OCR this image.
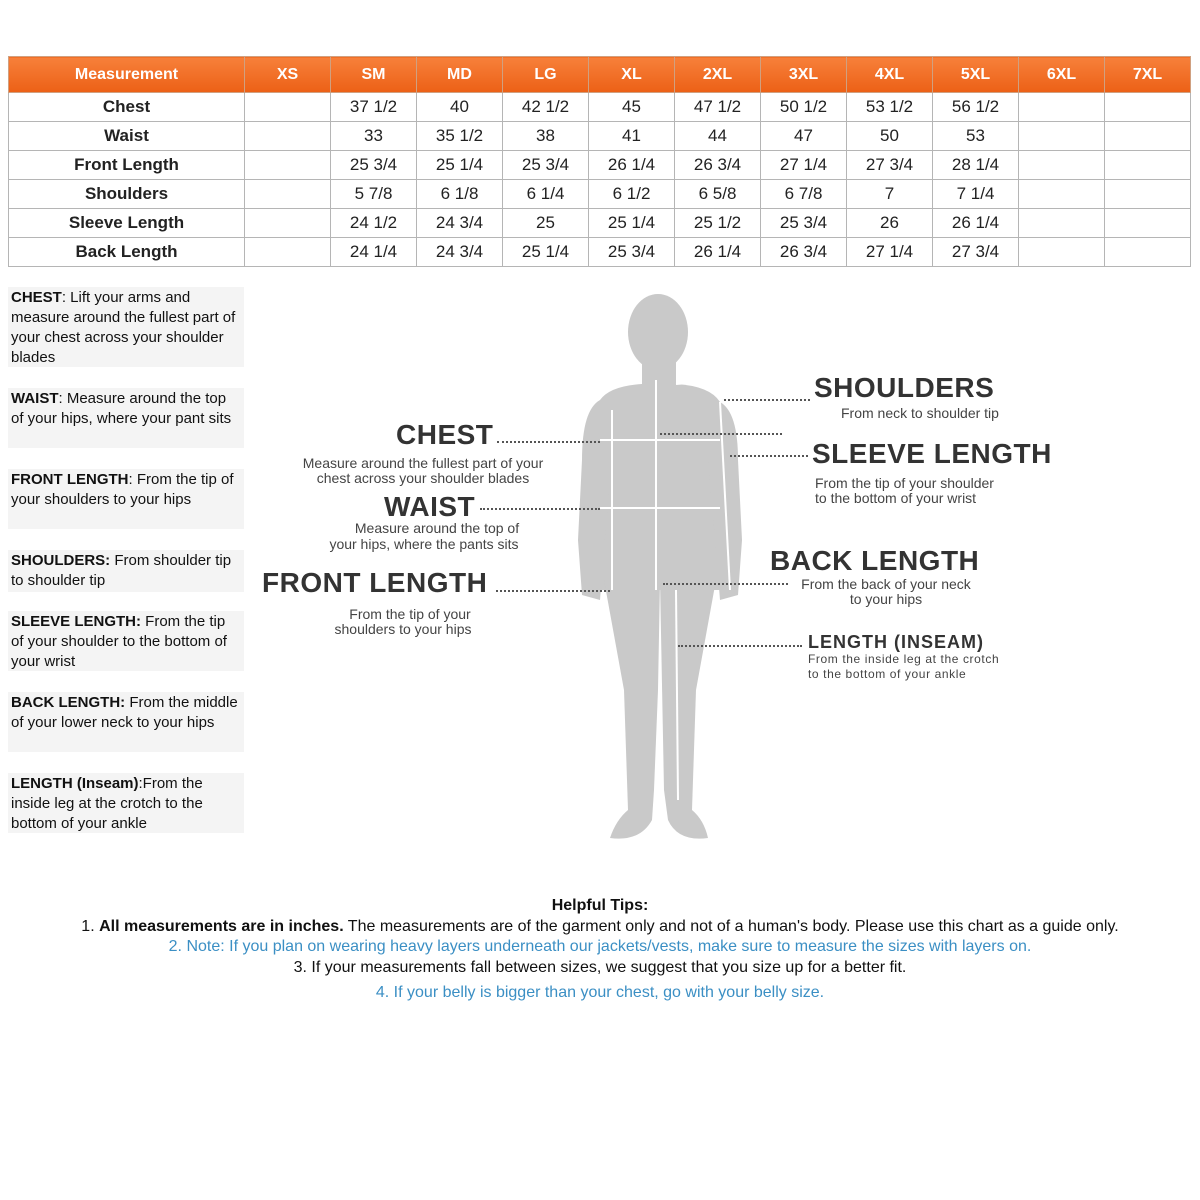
Measurement	XS	SM	MD	LG	XL	2XL	3XL	4XL	5XL	6XL	7XL
Chest		37 1/2	40	42 1/2	45	47 1/2	50 1/2	53 1/2	56 1/2		
Waist		33	35 1/2	38	41	44	47	50	53		
Front Length		25 3/4	25 1/4	25 3/4	26 1/4	26 3/4	27 1/4	27 3/4	28 1/4		
Shoulders		5 7/8	6 1/8	6 1/4	6 1/2	6 5/8	6 7/8	7	7 1/4		
Sleeve Length		24 1/2	24 3/4	25	25 1/4	25 1/2	25 3/4	26	26 1/4		
Back Length		24 1/4	24 3/4	25 1/4	25 3/4	26 1/4	26 3/4	27 1/4	27 3/4		
CHEST: Lift your arms and measure around the fullest part of your chest across your shoulder blades
WAIST: Measure around the top of your hips, where your pant sits
FRONT LENGTH: From the tip of your shoulders to your hips
SHOULDERS: From shoulder tip to shoulder tip
SLEEVE LENGTH: From the tip of your shoulder to the bottom of your wrist
BACK LENGTH: From the middle of your lower neck to your hips
LENGTH (Inseam):From the inside leg at the crotch to the bottom of your ankle
SHOULDERS
From neck to shoulder tip
CHEST
Measure around the fullest part of your
chest across your shoulder blades
SLEEVE LENGTH
From the tip of your shoulder
to the bottom of your wrist
WAIST
Measure around the top of
your hips, where the pants sits
BACK LENGTH
From the back of your neck
to your hips
FRONT LENGTH
From the tip of your
shoulders to your hips
LENGTH (INSEAM)
From the inside leg at the crotch
to the bottom of your ankle
Helpful Tips:
1. All measurements are in inches. The measurements are of the garment only and not of a human's body. Please use this chart as a guide only.
2. Note: If you plan on wearing heavy layers underneath our jackets/vests, make sure to measure the sizes with layers on.
3. If your measurements fall between sizes, we suggest that you size up for a better fit.
4. If your belly is bigger than your chest, go with your belly size.
